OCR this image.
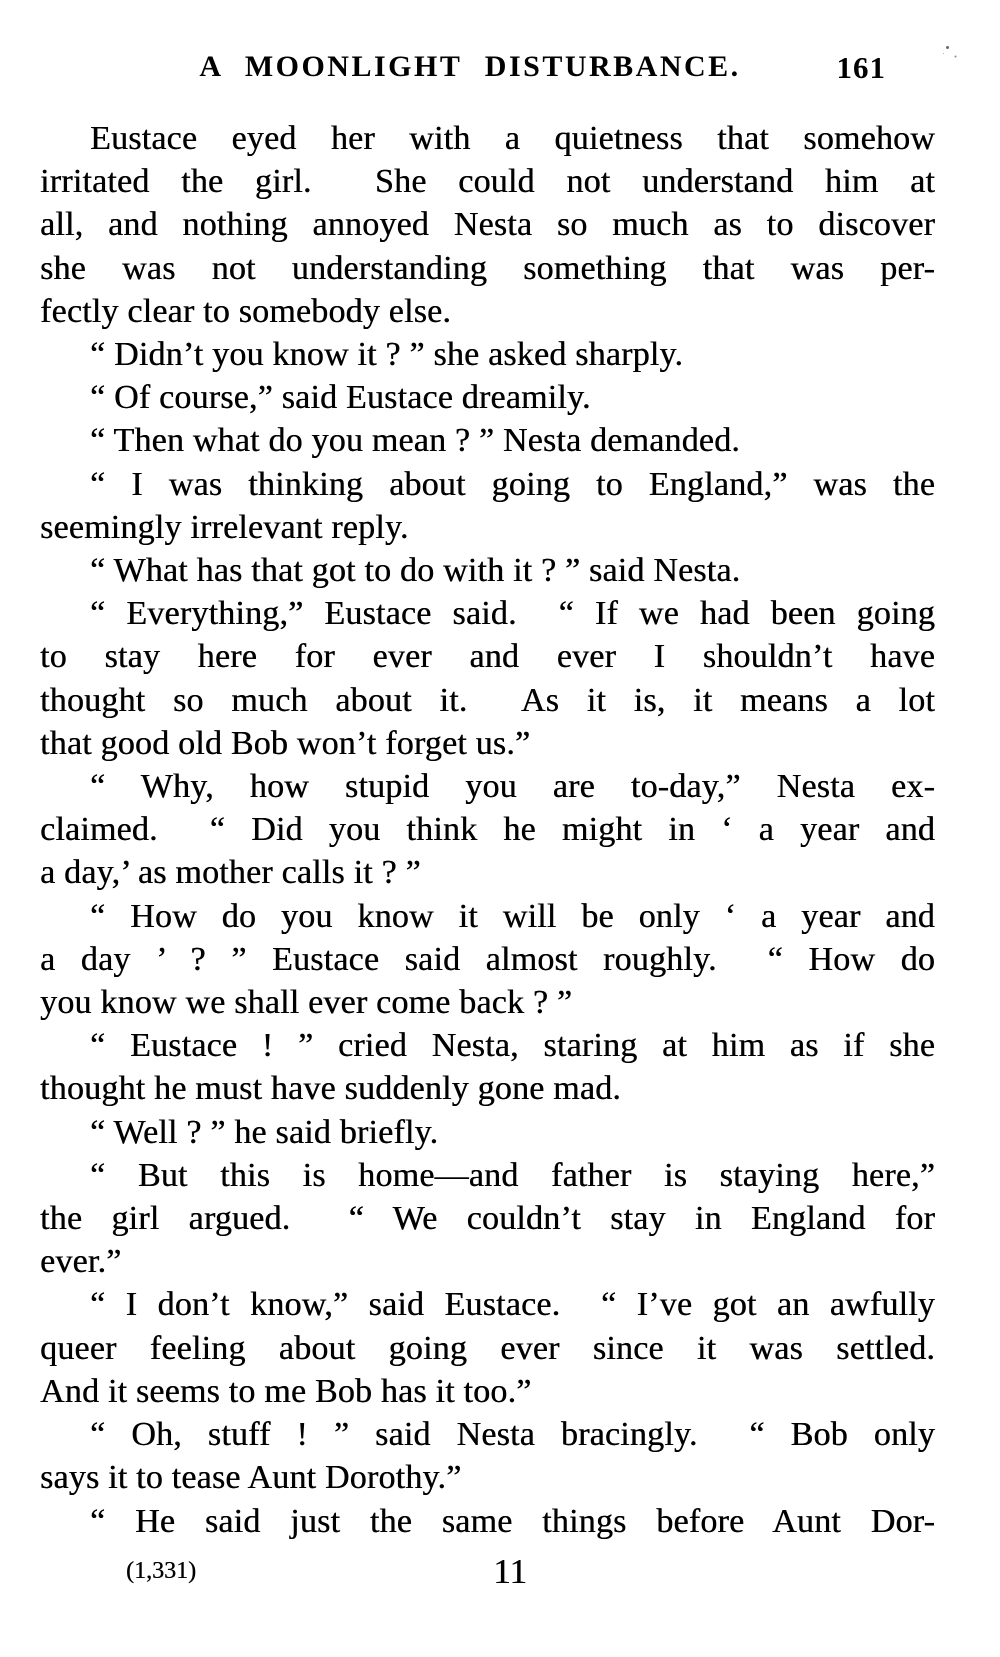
A MOONLIGHT DISTURBANCE.	161
Eustace eyed her with a quietness that somehow
irritated the girl.  She could not understand him at
all, and nothing annoyed Nesta so much as to discover
she was not understanding something that was per-
fectly clear to somebody else.
“ Didn’t you know it ? ” she asked sharply.
“ Of course,” said Eustace dreamily.
“ Then what do you mean ? ” Nesta demanded.
“ I was thinking about going to England,” was the
seemingly irrelevant reply.
“ What has that got to do with it ? ” said Nesta.
“ Everything,” Eustace said.  “ If we had been going
to stay here for ever and ever I shouldn’t have
thought so much about it.  As it is, it means a lot
that good old Bob won’t forget us.”
“ Why, how stupid you are to-day,” Nesta ex-
claimed.  “ Did you think he might in ‘ a year and
a day,’ as mother calls it ? ”
“ How do you know it will be only ‘ a year and
a day ’ ? ” Eustace said almost roughly.  “ How do
you know we shall ever come back ? ”
“ Eustace ! ” cried Nesta, staring at him as if she
thought he must have suddenly gone mad.
“ Well ? ” he said briefly.
“ But this is home—and father is staying here,”
the girl argued.  “ We couldn’t stay in England for
ever.”
“ I don’t know,” said Eustace.  “ I’ve got an awfully
queer feeling about going ever since it was settled.
And it seems to me Bob has it too.”
“ Oh, stuff ! ” said Nesta bracingly.  “ Bob only
says it to tease Aunt Dorothy.”
“ He said just the same things before Aunt Dor-
(1,331)	11
